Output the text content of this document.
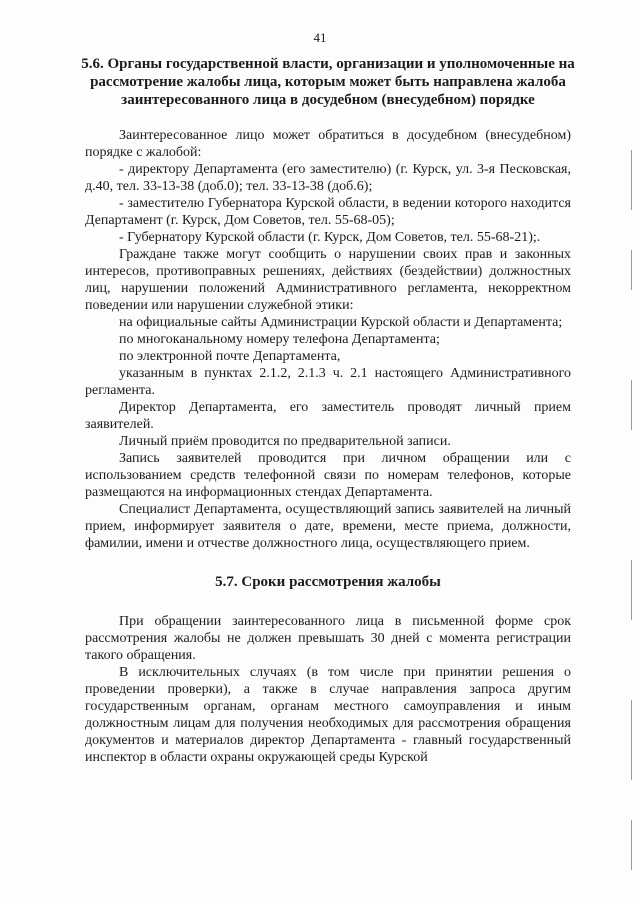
41
5.6. Органы государственной власти, организации и уполномоченные на рассмотрение жалобы лица, которым может быть направлена жалоба заинтересованного лица в досудебном (внесудебном) порядке

Заинтересованное лицо может обратиться в досудебном (внесудебном) порядке с жалобой:

- директору Департамента (его заместителю) (г. Курск, ул. 3-я Песковская, д.40, тел. 33-13-38 (доб.0); тел. 33-13-38 (доб.6);

- заместителю Губернатора Курской области, в ведении которого находится Департамент (г. Курск, Дом Советов, тел. 55-68-05);

- Губернатору Курской области (г. Курск, Дом Советов, тел. 55-68-21);.

Граждане также могут сообщить о нарушении своих прав и законных интересов, противоправных решениях, действиях (бездействии) должностных лиц, нарушении положений Административного регламента, некорректном поведении или нарушении служебной этики:

на официальные сайты Администрации Курской области и Департамента;

по многоканальному номеру телефона Департамента;

по электронной почте Департамента,

указанным в пунктах 2.1.2, 2.1.3 ч. 2.1 настоящего Административного регламента.

Директор Департамента, его заместитель проводят личный прием заявителей.

Личный приём проводится по предварительной записи.

Запись заявителей проводится при личном обращении или с использованием средств телефонной связи по номерам телефонов, которые размещаются на информационных стендах Департамента.

Специалист Департамента, осуществляющий запись заявителей на личный прием, информирует заявителя о дате, времени, месте приема, должности, фамилии, имени и отчестве должностного лица, осуществляющего прием.

5.7. Сроки рассмотрения жалобы

При обращении заинтересованного лица в письменной форме срок рассмотрения жалобы не должен превышать 30 дней с момента регистрации такого обращения.

В исключительных случаях (в том числе при принятии решения о проведении проверки), а также в случае направления запроса другим государственным органам, органам местного самоуправления и иным должностным лицам для получения необходимых для рассмотрения обращения документов и материалов директор Департамента - главный государственный инспектор в области охраны окружающей среды Курской
